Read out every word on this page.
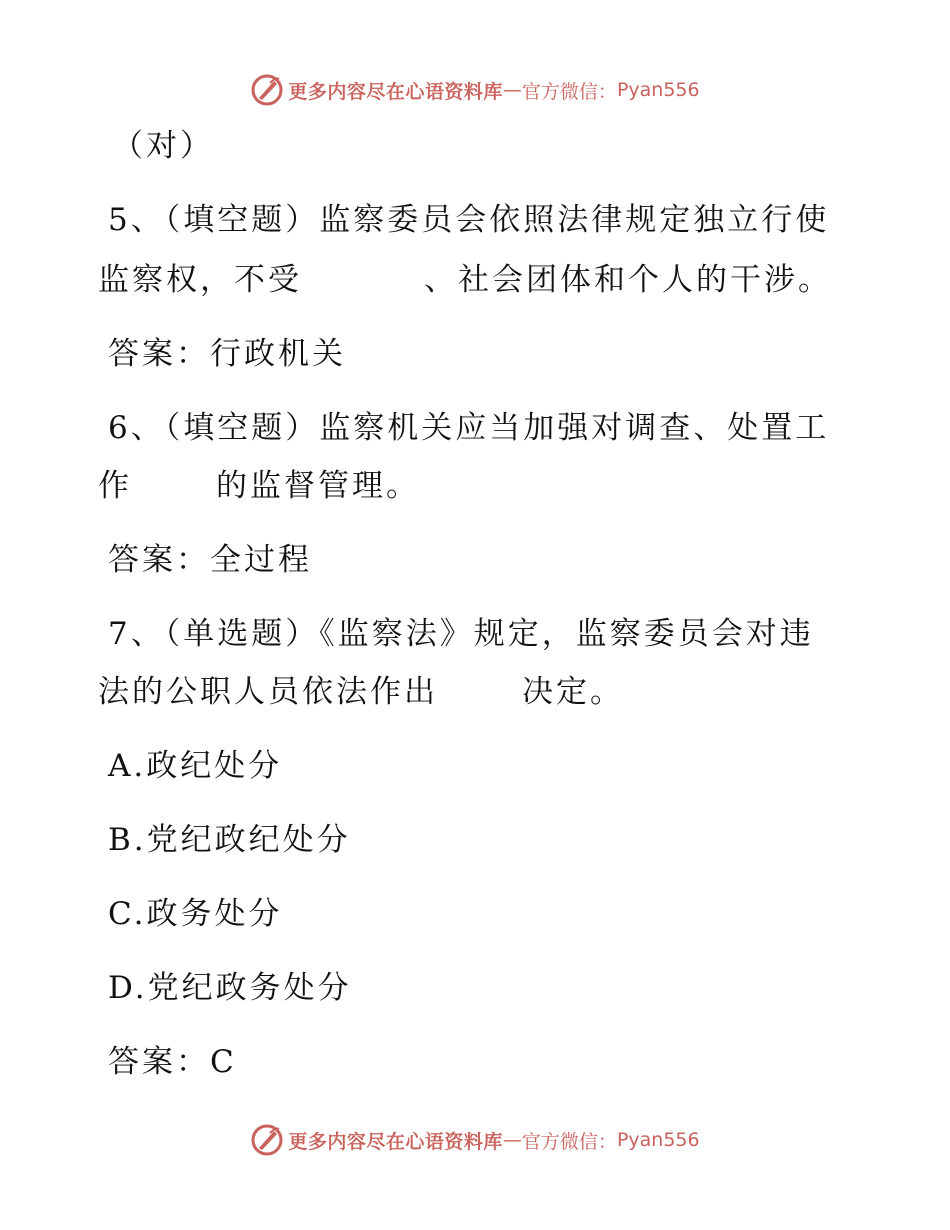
更多内容尽在心语资料库 — 官方微信： Pyan556
（对）
5、（填空题）监察委员会依照法律规定独立行使
监察权，不受	、社会团体和个人的干涉。
答案：行政机关
6、（填空题）监察机关应当加强对调查、处置工
作	的监督管理。
答案：全过程
7、（单选题）《监察法》规定，监察委员会对违
法的公职人员依法作出	决定。
A.政纪处分
B.党纪政纪处分
C.政务处分
D.党纪政务处分
答案：C
更多内容尽在心语资料库 — 官方微信： Pyan556
